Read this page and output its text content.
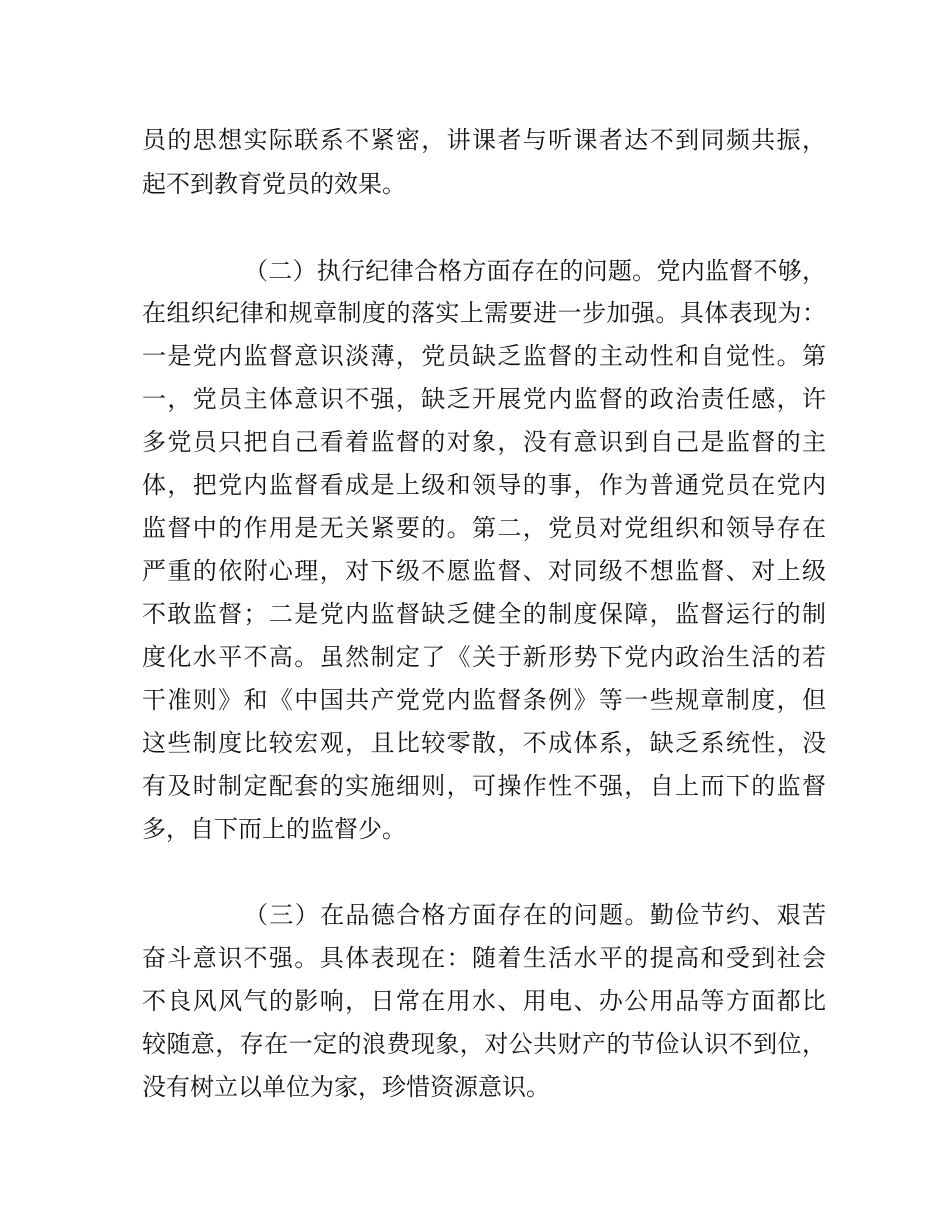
员的思想实际联系不紧密，讲课者与听课者达不到同频共振，

起不到教育党员的效果。

（二）执行纪律合格方面存在的问题。党内监督不够，

在组织纪律和规章制度的落实上需要进一步加强。具体表现为：

一是党内监督意识淡薄，党员缺乏监督的主动性和自觉性。第

一，党员主体意识不强，缺乏开展党内监督的政治责任感，许

多党员只把自己看着监督的对象，没有意识到自己是监督的主

体，把党内监督看成是上级和领导的事，作为普通党员在党内

监督中的作用是无关紧要的。第二，党员对党组织和领导存在

严重的依附心理，对下级不愿监督、对同级不想监督、对上级

不敢监督；二是党内监督缺乏健全的制度保障，监督运行的制

度化水平不高。虽然制定了《关于新形势下党内政治生活的若

干准则》和《中国共产党党内监督条例》等一些规章制度，但

这些制度比较宏观，且比较零散，不成体系，缺乏系统性，没

有及时制定配套的实施细则，可操作性不强，自上而下的监督

多，自下而上的监督少。

（三）在品德合格方面存在的问题。勤俭节约、艰苦

奋斗意识不强。具体表现在：随着生活水平的提高和受到社会

不良风风气的影响，日常在用水、用电、办公用品等方面都比

较随意，存在一定的浪费现象，对公共财产的节俭认识不到位，

没有树立以单位为家，珍惜资源意识。
